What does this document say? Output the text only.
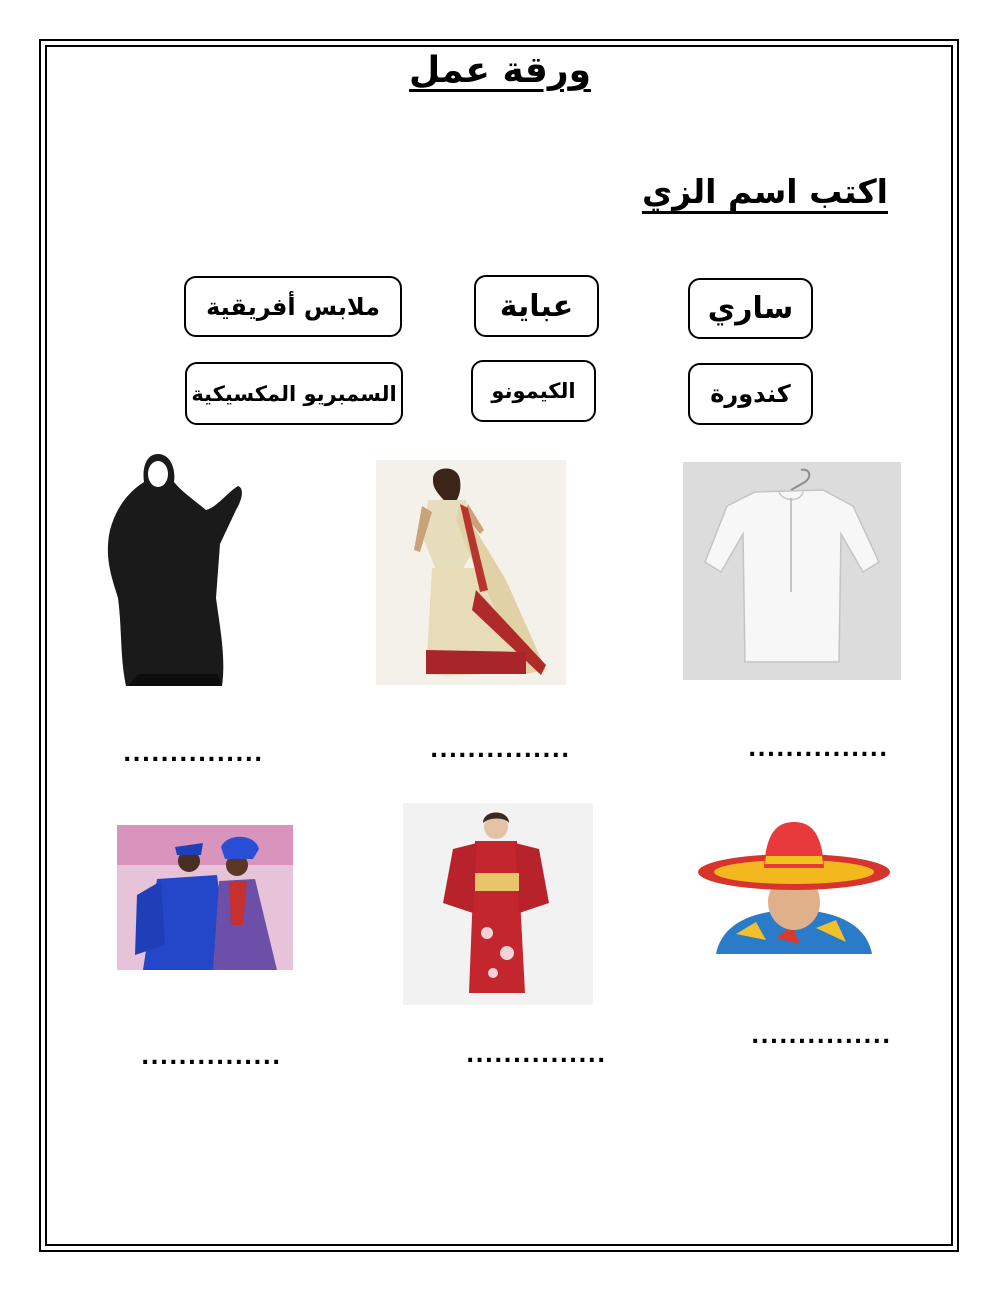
ورقة عمل
اكتب اسم الزي
ملابس أفريقية	عباية	ساري
السمبريو المكسيكية	الكيمونو	كندورة
...............	...............	...............
...............	...............
...............
